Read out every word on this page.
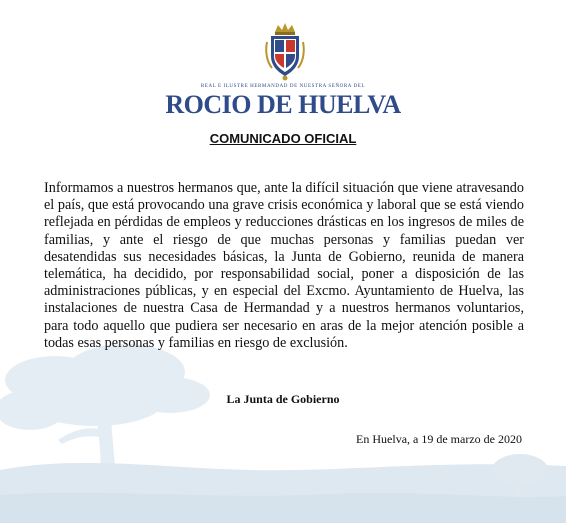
REAL E ILUSTRE HERMANDAD DE NUESTRA SEÑORA DEL
ROCIO DE HUELVA
COMUNICADO OFICIAL

Informamos a nuestros hermanos que, ante la difícil situación que viene atravesando el país, que está provocando una grave crisis económica y laboral que se está viendo reflejada en pérdidas de empleos y reducciones drásticas en los ingresos de miles de familias, y ante el riesgo de que muchas personas y familias puedan ver desatendidas sus necesidades básicas, la Junta de Gobierno, reunida de manera telemática, ha decidido, por responsabilidad social, poner a disposición de las administraciones públicas, y en especial del Excmo. Ayuntamiento de Huelva, las instalaciones de nuestra Casa de Hermandad y a nuestros hermanos voluntarios, para todo aquello que pudiera ser necesario en aras de la mejor atención posible a todas esas personas y familias en riesgo de exclusión.

La Junta de Gobierno
En Huelva, a 19 de marzo de 2020
